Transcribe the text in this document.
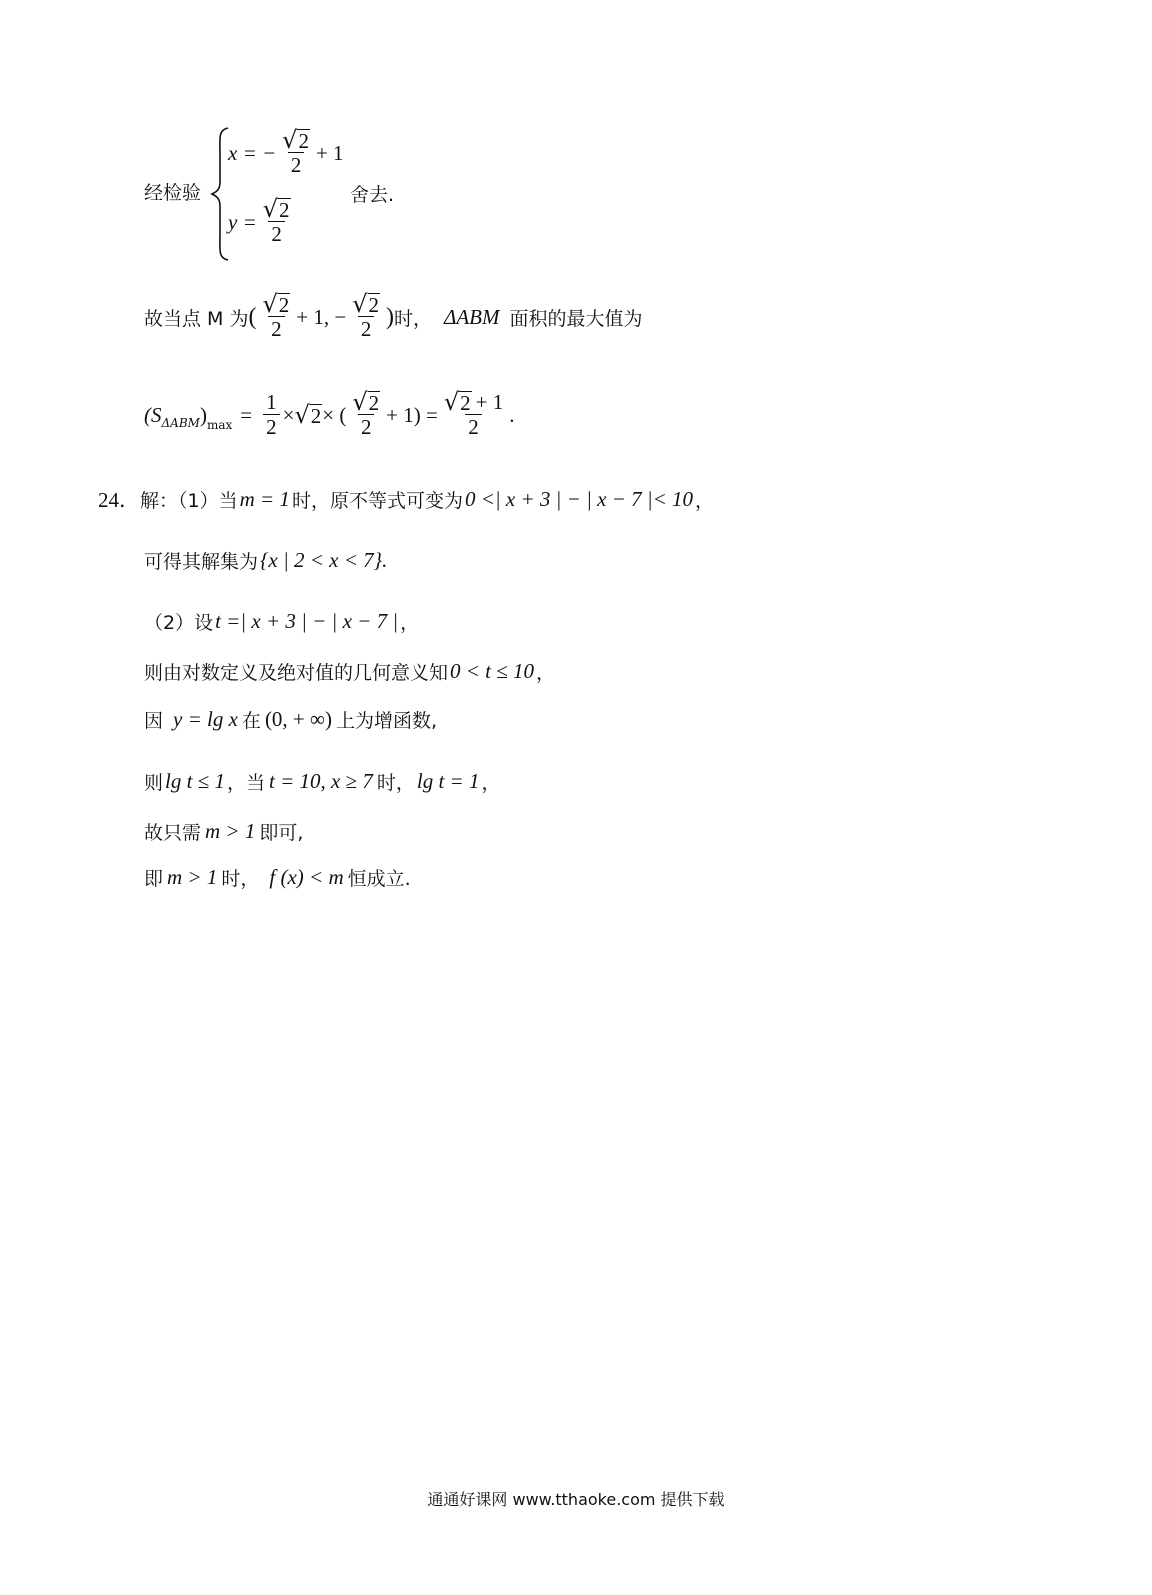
经检验
x = − $\frac{√ 2}{2} + 1$
$y = \frac{√ 2}{2}$
舍去.
故当点 M 为 ( $\frac{√ 2}{2} + 1$, − $\frac{√ 2}{2}$ ) 时， ΔABM 面积的最大值为
(S ΔABM ) $\max = \frac{1}{2}$ × √ 2 × ( $\frac{√ 2}{2} + 1) = \frac{√ 2 + 1}{2}$ .
24． 解：（1）当 m = 1 时，原不等式可变为 0 <| x + 3 | − | x − 7 |< 10 ，
可得其解集为 {x | 2 < x < 7}.
（2）设 t =| x + 3 | − | x − 7 | ，
则由对数定义及绝对值的几何意义知 0 < t ≤ 10 ，
因 y = lg x 在 (0, + ∞) 上为增函数,
则 lg t ≤ 1 ，当 t = 10, x ≥ 7 时， lg t = 1 ，
故只需 m > 1 即可,
即 m > 1 时， f (x) < m 恒成立.
通通好课网 www.tthaoke.com 提供下载
